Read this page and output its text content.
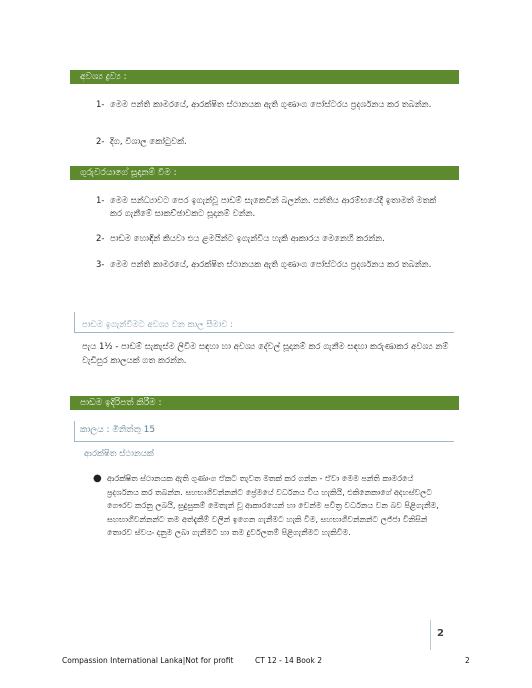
අවශ්‍ය ද්‍රව්‍ය :
1- මෙම පන්ති කාමරයේ, ආරක්ෂිත ස්ථානයක ඇති ගුණාංග පෝස්ටරය ප්‍රදර්ශනය කර තබන්න.
2- දිග, විශාල කෝටුවක්.
ගුරුවරයාගේ සූදානම් වීම :
1- මෙම සන්ධ්‍යාවට පෙර ඉගැන්වූ පාඩම් සැකෙවින් බලන්න. පන්තිය ආරම්භයේදී ඉතාමත් මතක් කර ගැනීමේ සාකච්ඡාවකට සූදානම් වන්න.
2- පාඩම හොඳින් කියවා එය ළමයින්ට ඉගැන්විය හැකි ආකාරය මෙනෙහි කරන්න.
3- මෙම පන්ති කාමරයේ, ආරක්ෂිත ස්ථානයක ඇති ගුණාංග පෝස්ටරය ප්‍රදර්ශනය කර තබන්න.
පාඩම ඉගැන්වීමට අවශ්‍ය වන කාල සීමාව :
පැය 1½ - පාඩම් සැකැස්ම ලිවීම සඳහා හා අවශ්‍ය දේවල් සූදානම් කර ගැනීම සඳහා කරුණාකර අවශ්‍ය නම් වැඩිපුර කාලයක් ගත කරන්න.
පාඩම ඉදිරිපත් කිරීම :
කාලය : මිනිත්තු 15
ආරක්ෂිත ස්ථානයක්
● ආරක්ෂිත ස්ථානයක ඇති ගුණාංග ඒකට තැවත මතක් කර ගන්න - ඒවා මෙම පන්ති කාමරයේ ප්‍රදර්ශනය කර තබන්න. සහභාගිවන්නන්ට ප්‍රේමයේ වර්ධනය වීය හැකියි, එකිනෙකාගේ අදහස්වලට ගෞරව කරනු ලබයි, සුදුසුකම් මෙතැන් වූ ආකාරයෙන් හා වෙන්ම පවිත්‍ර වර්ධනය වන බව පිළිගැනීම, සහභාගීවන්නන්ට තම අත්දැකීම් වලින් ඉගෙන ගැනීමට හැකි වීම, සහභාගීවන්නන්ට ලජ්ජා විනිසින් තොරව ස්වයං දනුම ලබා ගැනීමට හා තම දුර්වලතම් පිළිගැනීමට හැකිවීම.
2
Compassion International Lanka|Not for profit	CT 12 - 14 Book 2	2
